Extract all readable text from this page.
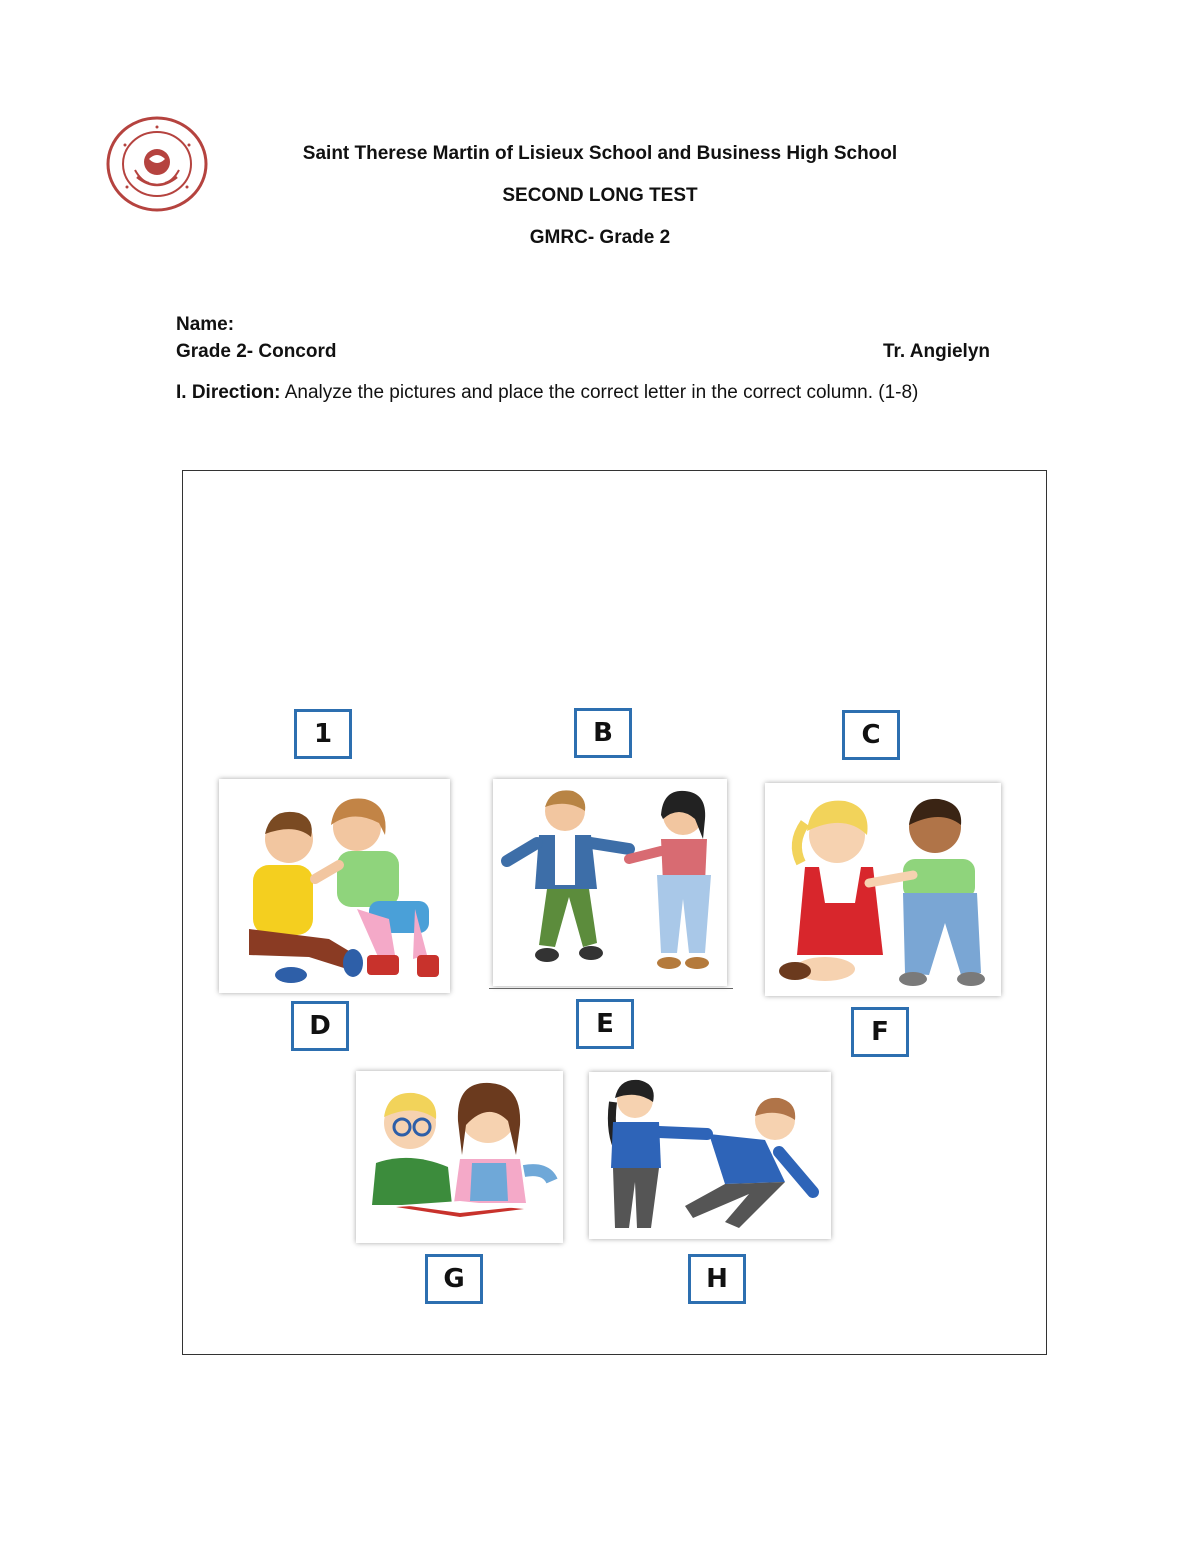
Saint Therese Martin of Lisieux School and Business High School
SECOND LONG TEST
GMRC- Grade 2
Name:
Grade 2- Concord	Tr. Angielyn
I. Direction: Analyze the pictures and place the correct letter in the correct column. (1-8)
1	B	C
D	E	F
G	H
